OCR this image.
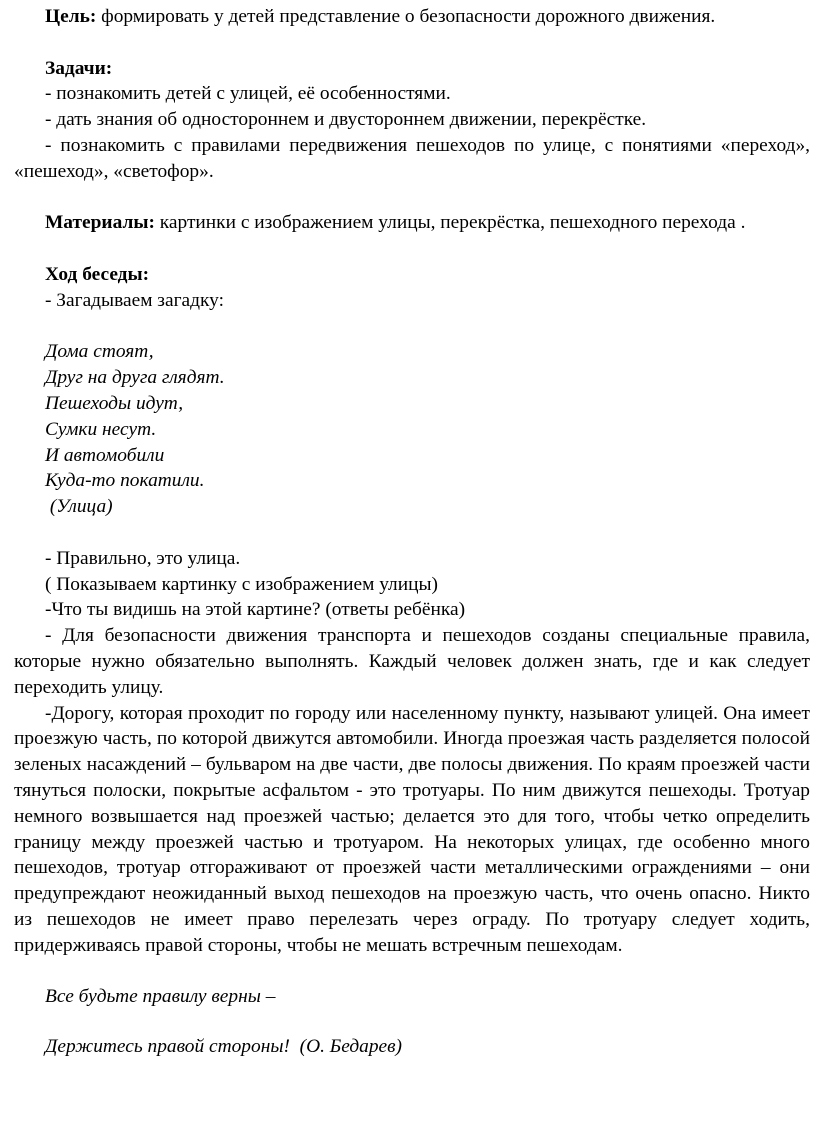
Цель: формировать у детей представление о безопасности дорожного движения.

Задачи:

- познакомить детей с улицей, её особенностями.

- дать знания об одностороннем и двустороннем движении, перекрёстке.

- познакомить с правилами передвижения пешеходов по улице, с понятиями «переход», «пешеход», «светофор».

Материалы: картинки с изображением улицы, перекрёстка, пешеходного перехода .

Ход беседы:

- Загадываем загадку:

Дома стоят,

Друг на друга глядят.

Пешеходы идут,

Сумки несут.

И автомобили

Куда-то покатили.

(Улица)

- Правильно, это улица.

( Показываем картинку с изображением улицы)

-Что ты видишь на этой картине? (ответы ребёнка)

- Для безопасности движения транспорта и пешеходов созданы специальные правила, которые нужно обязательно выполнять. Каждый человек должен знать, где и как следует переходить улицу.

-Дорогу, которая проходит по городу или населенному пункту, называют улицей. Она имеет проезжую часть, по которой движутся автомобили. Иногда проезжая часть разделяется полосой зеленых насаждений – бульваром на две части, две полосы движения. По краям проезжей части тянуться полоски, покрытые асфальтом - это тротуары. По ним движутся пешеходы. Тротуар немного возвышается над проезжей частью; делается это для того, чтобы четко определить границу между проезжей частью и тротуаром. На некоторых улицах, где особенно много пешеходов, тротуар отгораживают от проезжей части металлическими ограждениями – они предупреждают неожиданный выход пешеходов на проезжую часть, что очень опасно. Никто из пешеходов не имеет право перелезать через ограду. По тротуару следует ходить, придерживаясь правой стороны, чтобы не мешать встречным пешеходам.

Все будьте правилу верны –

Держитесь правой стороны!  (О. Бедарев)
